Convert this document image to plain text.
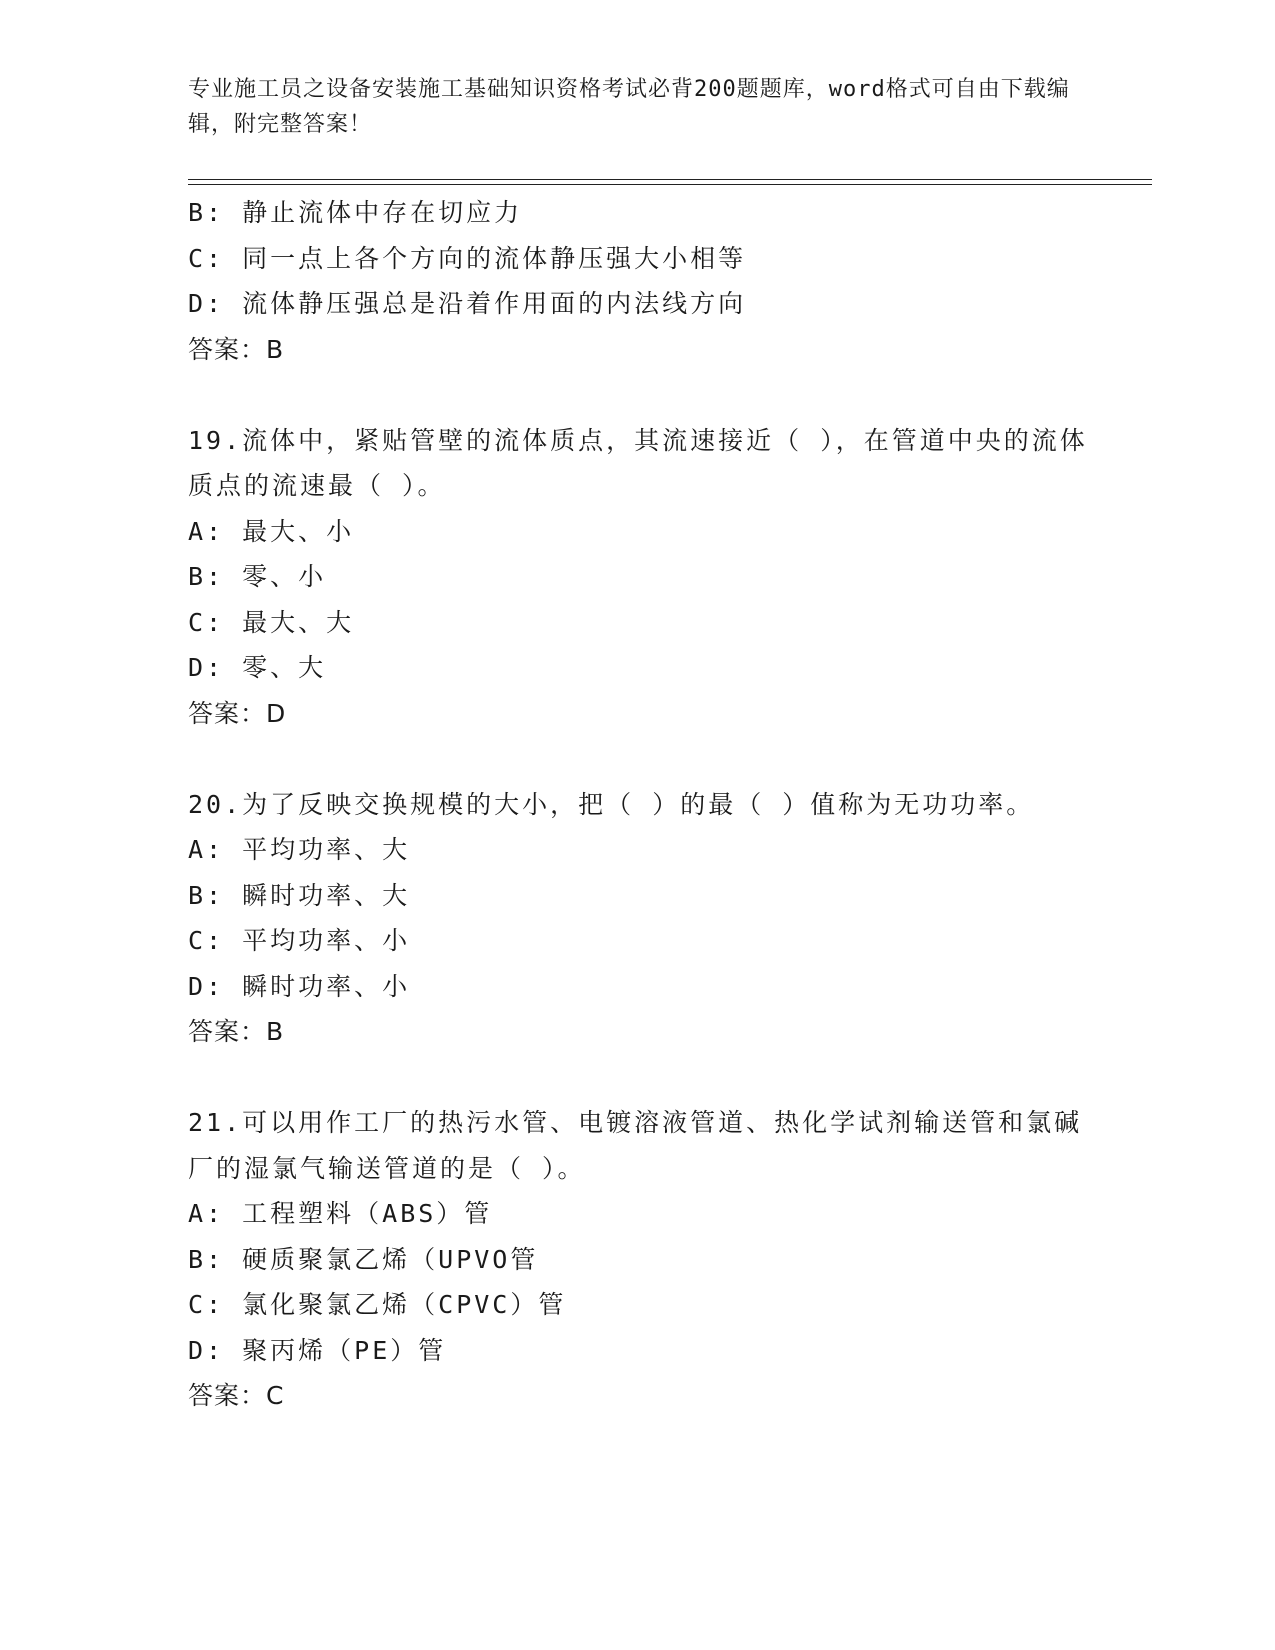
专业施工员之设备安装施工基础知识资格考试必背200题题库，word格式可自由下载编辑，附完整答案！
B: 静止流体中存在切应力
C: 同一点上各个方向的流体静压强大小相等
D: 流体静压强总是沿着作用面的内法线方向
答案：B
19.流体中，紧贴管壁的流体质点，其流速接近（ ），在管道中央的流体质点的流速最（ ）。
A: 最大、小
B: 零、小
C: 最大、大
D: 零、大
答案：D
20.为了反映交换规模的大小，把（ ）的最（ ）值称为无功功率。
A: 平均功率、大
B: 瞬时功率、大
C: 平均功率、小
D: 瞬时功率、小
答案：B
21.可以用作工厂的热污水管、电镀溶液管道、热化学试剂输送管和氯碱厂的湿氯气输送管道的是（ ）。
A: 工程塑料（ABS）管
B: 硬质聚氯乙烯（UPVO管
C: 氯化聚氯乙烯（CPVC）管
D: 聚丙烯（PE）管
答案：C
